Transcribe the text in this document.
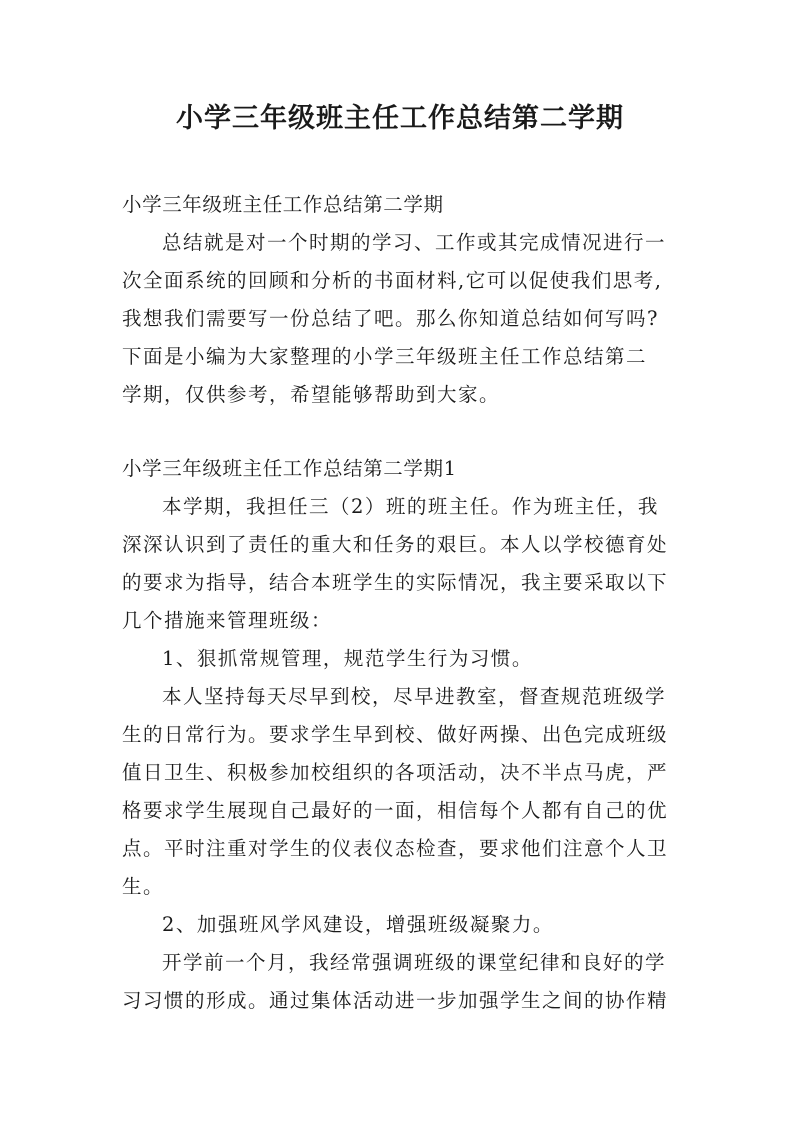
小学三年级班主任工作总结第二学期
小学三年级班主任工作总结第二学期
总结就是对一个时期的学习、工作或其完成情况进行一
次全面系统的回顾和分析的书面材料,它可以促使我们思考,
我想我们需要写一份总结了吧。那么你知道总结如何写吗?
下面是小编为大家整理的小学三年级班主任工作总结第二
学期，仅供参考，希望能够帮助到大家。
小学三年级班主任工作总结第二学期1
本学期，我担任三（2）班的班主任。作为班主任，我
深深认识到了责任的重大和任务的艰巨。本人以学校德育处
的要求为指导，结合本班学生的实际情况，我主要采取以下
几个措施来管理班级：
1、狠抓常规管理，规范学生行为习惯。
本人坚持每天尽早到校，尽早进教室，督查规范班级学
生的日常行为。要求学生早到校、做好两操、出色完成班级
值日卫生、积极参加校组织的各项活动，决不半点马虎，严
格要求学生展现自己最好的一面，相信每个人都有自己的优
点。平时注重对学生的仪表仪态检查，要求他们注意个人卫
生。
2、加强班风学风建设，增强班级凝聚力。
开学前一个月，我经常强调班级的课堂纪律和良好的学
习习惯的形成。通过集体活动进一步加强学生之间的协作精
